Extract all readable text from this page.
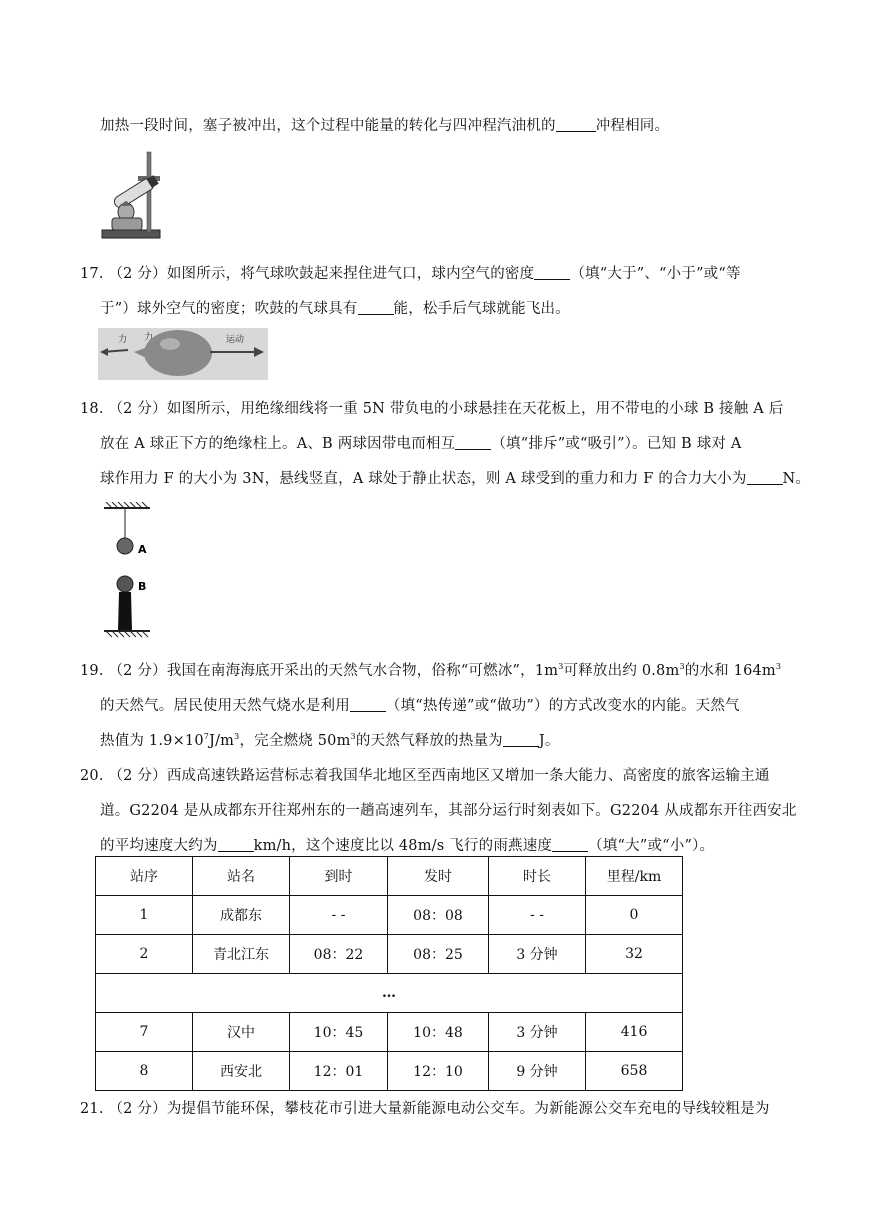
加热一段时间，塞子被冲出，这个过程中能量的转化与四冲程汽油机的	冲程相同。
17. （2 分）如图所示，将气球吹鼓起来捏住进气口，球内空气的密度 （填“大于”、“小于”或“等
于”）球外空气的密度；吹鼓的气球具有 能，松手后气球就能飞出。
力 力	运动
18. （2 分）如图所示，用绝缘细线将一重 5N 带负电的小球悬挂在天花板上，用不带电的小球 B 接触 A 后
放在 A 球正下方的绝缘柱上。A、B 两球因带电而相互 （填“排斥”或“吸引”）。已知 B 球对 A
球作用力 F 的大小为 3N，悬线竖直，A 球处于静止状态，则 A 球受到的重力和力 F 的合力大小为 N。
A
B
19. （2 分）我国在南海海底开采出的天然气水合物，俗称“可燃冰”，$1m^3$可释放出约 $0.8m^3$的水和 $164m^3$
的天然气。居民使用天然气烧水是利用 （填“热传递”或“做功”）的方式改变水的内能。天然气
热值为 $1.9\times 10^7J/m^3$，完全燃烧 $50m^3$的天然气释放的热量为 J。
20. （2 分）西成高速铁路运营标志着我国华北地区至西南地区又增加一条大能力、高密度的旅客运输主通
道。G2204 是从成都东开往郑州东的一趟高速列车，其部分运行时刻表如下。G2204 从成都东开往西安北
的平均速度大约为 km/h，这个速度比以 48m/s 飞行的雨燕速度 （填“大”或“小”）。
站序	站名	到时	发时	时长	里程/km
1	成都东	- -	08：08	- -	0
2	青北江东	08：22	08：25	3 分钟	32
…					
7	汉中	10：45	10：48	3 分钟	416
8	西安北	12：01	12：10	9 分钟	658
21. （2 分）为提倡节能环保，攀枝花市引进大量新能源电动公交车。为新能源公交车充电的导线较粗是为
